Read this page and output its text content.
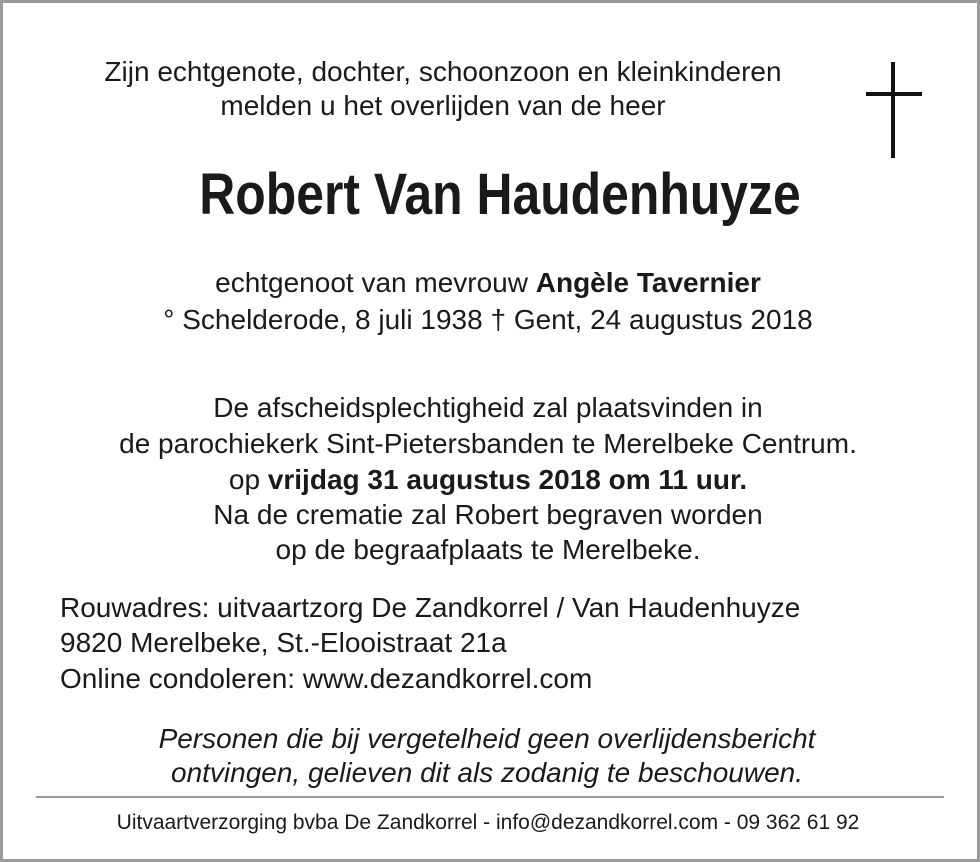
Zijn echtgenote, dochter, schoonzoon en kleinkinderen
melden u het overlijden van de heer
Robert Van Haudenhuyze
echtgenoot van mevrouw Angèle Tavernier
° Schelderode, 8 juli 1938 † Gent, 24 augustus 2018
De afscheidsplechtigheid zal plaatsvinden in
de parochiekerk Sint-Pietersbanden te Merelbeke Centrum.
op vrijdag 31 augustus 2018 om 11 uur.
Na de crematie zal Robert begraven worden
op de begraafplaats te Merelbeke.
Rouwadres: uitvaartzorg De Zandkorrel / Van Haudenhuyze
9820 Merelbeke, St.-Elooistraat 21a
Online condoleren: www.dezandkorrel.com
Personen die bij vergetelheid geen overlijdensbericht
ontvingen, gelieven dit als zodanig te beschouwen.
Uitvaartverzorging bvba De Zandkorrel - info@dezandkorrel.com - 09 362 61 92
